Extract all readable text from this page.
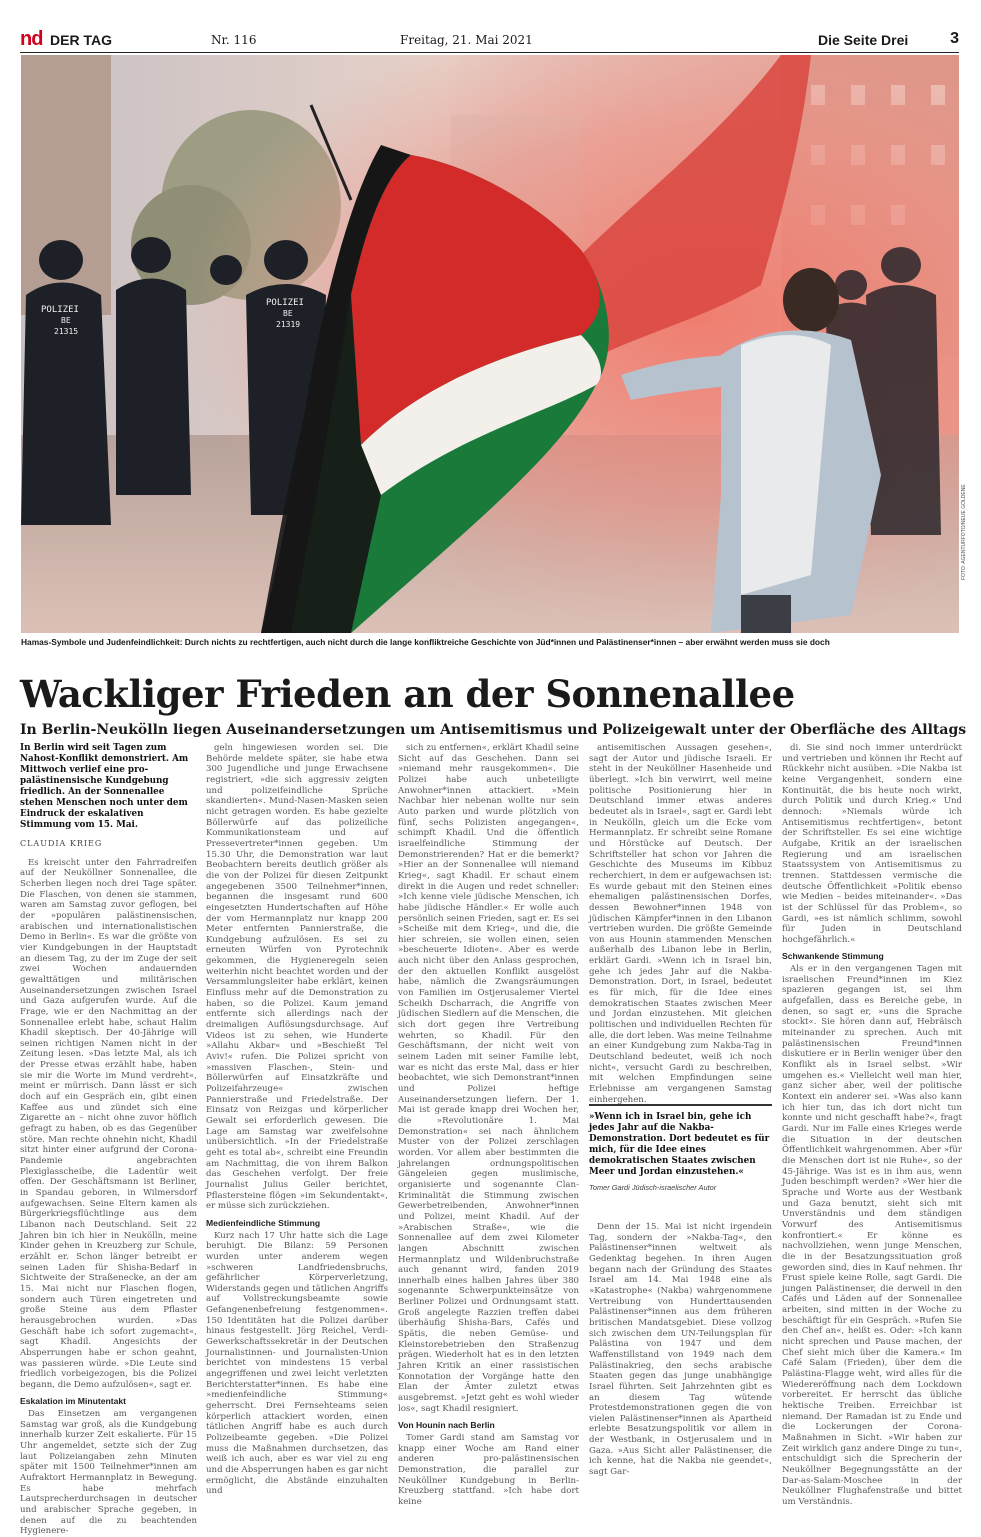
nd DER TAG	Nr. 116	Freitag, 21. Mai 2021	Die Seite Drei	3
POLIZEI
BE
21315
POLIZEI
BE
21319
FOTO: AGENTURFOTO/NEUE GOLDENE
Hamas-Symbole und Judenfeindlichkeit: Durch nichts zu rechtfertigen, auch nicht durch die lange konfliktreiche Geschichte von Jüd*innen und Palästinenser*innen – aber erwähnt werden muss sie doch
Wackliger Frieden an der Sonnenallee
In Berlin-Neukölln liegen Auseinandersetzungen um Antisemitismus und Polizeigewalt unter der Oberfläche des Alltags

In Berlin wird seit Tagen zum Nahost-Konflikt demonstriert. Am Mittwoch verlief eine pro-palästinensische Kundgebung friedlich. An der Sonnenallee stehen Menschen noch unter dem Eindruck der eskalativen Stimmung vom 15. Mai.

CLAUDIA KRIEG

Es kreischt unter den Fahrradreifen auf der Neuköllner Sonnenallee, die Scherben liegen noch drei Tage später. Die Flaschen, von denen sie stammen, waren am Samstag zuvor geflogen, bei der »populären palästinensischen, arabischen und internationalistischen Demo in Berlin«. Es war die größte von vier Kundgebungen in der Hauptstadt an diesem Tag, zu der im Zuge der seit zwei Wochen andauernden gewalttätigen und militärischen Auseinandersetzungen zwischen Israel und Gaza aufgerufen wurde. Auf die Frage, wie er den Nachmittag an der Sonnenallee erlebt habe, schaut Halim Khadil skeptisch. Der 40-Jährige will seinen richtigen Namen nicht in der Zeitung lesen. »Das letzte Mal, als ich der Presse etwas erzählt habe, haben sie mir die Worte im Mund verdreht«, meint er mürrisch. Dann lässt er sich doch auf ein Gespräch ein, gibt einen Kaffee aus und zündet sich eine Zigarette an – nicht ohne zuvor höflich gefragt zu haben, ob es das Gegenüber störe. Man rechte ohnehin nicht, Khadil sitzt hinter einer aufgrund der Corona-Pandemie angebrachten Plexiglasscheibe, die Ladentür weit offen. Der Geschäftsmann ist Berliner, in Spandau geboren, in Wilmersdorf aufgewachsen. Seine Eltern kamen als Bürgerkriegsflüchtlinge aus dem Libanon nach Deutschland. Seit 22 Jahren bin ich hier in Neukölln, meine Kinder gehen in Kreuzberg zur Schule, erzählt er. Schon länger betreibt er seinen Laden für Shisha-Bedarf in Sichtweite der Straßenecke, an der am 15. Mai nicht nur Flaschen flogen, sondern auch Türen eingetreten und große Steine aus dem Pflaster herausgebrochen wurden. »Das Geschäft habe ich sofort zugemacht«, sagt Khadil. Angesichts der Absperrungen habe er schon geahnt, was passieren würde. »Die Leute sind friedlich vorbeigezogen, bis die Polizei begann, die Demo aufzulösen«, sagt er.

Eskalation im Minutentakt

Das Einsetzen am vergangenen Samstag war groß, als die Kundgebung innerhalb kurzer Zeit eskalierte. Für 15 Uhr angemeldet, setzte sich der Zug laut Polizeiangaben zehn Minuten später mit 1500 Teilnehmer*innen am Aufraktort Hermannplatz in Bewegung. Es habe mehrfach Lautsprecherdurchsagen in deutscher und arabischer Sprache gegeben, in denen auf die zu beachtenden Hygienere-

geln hingewiesen worden sei. Die Behörde meldete später, sie habe etwa 300 Jugendliche und junge Erwachsene registriert, »die sich aggressiv zeigten und polizeifeindliche Sprüche skandierten«. Mund-Nasen-Masken seien nicht getragen worden. Es habe gezielte Böllerwürfe auf das polizeiliche Kommunikationsteam und auf Pressevertreter*innen gegeben. Um 15.30 Uhr, die Demonstration war laut Beobachtern bereits deutlich größer als die von der Polizei für diesen Zeitpunkt angegebenen 3500 Teilnehmer*innen, begannen die insgesamt rund 600 eingesetzten Hundertschaften auf Höhe der vom Hermannplatz nur knapp 200 Meter entfernten Pannierstraße, die Kundgebung aufzulösen. Es sei zu erneuten Würfen von Pyrotechnik gekommen, die Hygieneregeln seien weiterhin nicht beachtet worden und der Versammlungsleiter habe erklärt, keinen Einfluss mehr auf die Demonstration zu haben, so die Polizei. Kaum jemand entfernte sich allerdings nach der dreimaligen Auflösungsdurchsage. Auf Videos ist zu sehen, wie Hunderte »Allahu Akbar« und »Beschießt Tel Aviv!« rufen. Die Polizei spricht von »massiven Flaschen-, Stein- und Böllerwürfen auf Einsatzkräfte und Polizeifahrzeuge« zwischen Pannierstraße und Friedelstraße. Der Einsatz von Reizgas und körperlicher Gewalt sei erforderlich gewesen. Die Lage am Samstag war zweifelsohne unübersichtlich. »In der Friedelstraße geht es total ab«, schreibt eine Freundin am Nachmittag, die von ihrem Balkon das Geschehen verfolgt. Der freie Journalist Julius Geiler berichtet, Pflastersteine flögen »im Sekundentakt«, er müsse sich zurückziehen.

Medienfeindliche Stimmung

Kurz nach 17 Uhr hatte sich die Lage beruhigt. Die Bilanz: 59 Personen wurden unter anderem wegen »schweren Landfriedensbruchs, gefährlicher Körperverletzung, Widerstands gegen und tätlichen Angriffs auf Vollstreckungsbeamte sowie Gefangenenbefreiung festgenommen«. 150 Identitäten hat die Polizei darüber hinaus festgestellt. Jörg Reichel, Verdi-Gewerkschaftssekretär in der Deutschen Journalistinnen- und Journalisten-Union berichtet von mindestens 15 verbal angegriffenen und zwei leicht verletzten Berichterstatter*innen. Es habe eine »medienfeindliche Stimmung« geherrscht. Drei Fernsehteams seien körperlich attackiert worden, einen tätlichen Angriff habe es auch durch Polizeibeamte gegeben. »Die Polizei muss die Maßnahmen durchsetzen, das weiß ich auch, aber es war viel zu eng und die Absperrungen haben es gar nicht ermöglicht, die Abstände einzuhalten und

sich zu entfernen«, erklärt Khadil seine Sicht auf das Geschehen. Dann sei »niemand mehr rausgekommen«. Die Polizei habe auch unbeteiligte Anwohner*innen attackiert. »Mein Nachbar hier nebenan wollte nur sein Auto parken und wurde plötzlich von fünf, sechs Polizisten angegangen«, schimpft Khadil. Und die öffentlich israelfeindliche Stimmung der Demonstrierenden? Hat er die bemerkt? »Hier an der Sonnenallee will niemand Krieg«, sagt Khadil. Er schaut einem direkt in die Augen und redet schneller: »Ich kenne viele jüdische Menschen, ich habe jüdische Händler.« Er wolle auch persönlich seinen Frieden, sagt er. Es sei »Scheiße mit dem Krieg«, und die, die hier schreien, sie wollen einen, seien »bescheuerte Idioten«. Aber es werde auch nicht über den Anlass gesprochen, der den aktuellen Konflikt ausgelöst habe, nämlich die Zwangsräumungen von Familien im Ostjerusalemer Viertel Scheikh Dscharrach, die Angriffe von jüdischen Siedlern auf die Menschen, die sich dort gegen ihre Vertreibung wehrten, so Khadil. Für den Geschäftsmann, der nicht weit von seinem Laden mit seiner Familie lebt, war es nicht das erste Mal, dass er hier beobachtet, wie sich Demonstrant*innen und Polizei heftige Auseinandersetzungen liefern. Der 1. Mai ist gerade knapp drei Wochen her, die »Revolutionäre 1. Mai Demonstration« sei nach ähnlichem Muster von der Polizei zerschlagen worden. Vor allem aber bestimmten die jahrelangen ordnungspolitischen Gängeleien gegen muslimische, organisierte und sogenannte Clan-Kriminalität die Stimmung zwischen Gewerbetreibenden, Anwohner*innen und Polizei, meint Khadil. Auf der »Arabischen Straße«, wie die Sonnenallee auf dem zwei Kilometer langen Abschnitt zwischen Hermannplatz und Wildenbruchstraße auch genannt wird, fanden 2019 innerhalb eines halben Jahres über 380 sogenannte Schwerpunkteinsätze von Berliner Polizei und Ordnungsamt statt. Groß angelegte Razzien treffen dabei überhäufig Shisha-Bars, Cafés und Spätis, die neben Gemüse- und Kleinstorebetrieben den Straßenzug prägen. Wiederholt hat es in den letzten Jahren Kritik an einer rassistischen Konnotation der Vorgänge hatte den Elan der Ämter zuletzt etwas ausgebremst. »Jetzt geht es wohl wieder los«, sagt Khadil resigniert.

Von Hounin nach Berlin

Tomer Gardi stand am Samstag vor knapp einer Woche am Rand einer anderen pro-palästinensischen Demonstration, die parallel zur Neuköllner Kundgebung in Berlin-Kreuzberg stattfand. »Ich habe dort keine

antisemitischen Aussagen gesehen«, sagt der Autor und jüdische Israeli. Er steht in der Neuköllner Hasenheide und überlegt. »Ich bin verwirrt, weil meine politische Positionierung hier in Deutschland immer etwas anderes bedeutet als in Israel«, sagt er. Gardi lebt in Neukölln, gleich um die Ecke vom Hermannplatz. Er schreibt seine Romane und Hörstücke auf Deutsch. Der Schriftsteller hat schon vor Jahren die Geschichte des Museums im Kibbuz recherchiert, in dem er aufgewachsen ist: Es wurde gebaut mit den Steinen eines ehemaligen palästinensischen Dorfes, dessen Bewohner*innen 1948 von jüdischen Kämpfer*innen in den Libanon vertrieben wurden. Die größte Gemeinde von aus Hounin stammenden Menschen außerhalb des Libanon lebe in Berlin, erklärt Gardi. »Wenn ich in Israel bin, gehe ich jedes Jahr auf die Nakba-Demonstration. Dort, in Israel, bedeutet es für mich, für die Idee eines demokratischen Staates zwischen Meer und Jordan einzustehen. Mit gleichen politischen und individuellen Rechten für alle, die dort leben. Was meine Teilnahme an einer Kundgebung zum Nakba-Tag in Deutschland bedeutet, weiß ich noch nicht«, versucht Gardi zu beschreiben, mit welchen Empfindungen seine Erlebnisse am vergangenen Samstag einhergehen.

»Wenn ich in Israel bin, gehe ich jedes Jahr auf die Nakba-Demonstration. Dort bedeutet es für mich, für die Idee eines demokratischen Staates zwischen Meer und Jordan einzustehen.«
Tomer Gardi Jüdisch-israelischer Autor

Denn der 15. Mai ist nicht irgendein Tag, sondern der »Nakba-Tag«, den Palästinenser*innen weltweit als Gedenktag begehen. In ihren Augen begann nach der Gründung des Staates Israel am 14. Mai 1948 eine als »Katastrophe« (Nakba) wahrgenommene Vertreibung von Hunderttausenden Palästinenser*innen aus dem früheren britischen Mandatsgebiet. Diese vollzog sich zwischen dem UN-Teilungsplan für Palästina von 1947 und dem Waffenstillstand von 1949 nach dem Palästinakrieg, den sechs arabische Staaten gegen das junge unabhängige Israel führten. Seit Jahrzehnten gibt es an diesem Tag wütende Protestdemonstrationen gegen die von vielen Palästinenser*innen als Apartheid erlebte Besatzungspolitik vor allem in der Westbank, in Ostjerusalem und in Gaza. »Aus Sicht aller Palästinenser, die ich kenne, hat die Nakba nie geendet«, sagt Gar-

di. Sie sind noch immer unterdrückt und vertrieben und können ihr Recht auf Rückkehr nicht ausüben. »Die Nakba ist keine Vergangenheit, sondern eine Kontinuität, die bis heute noch wirkt, durch Politik und durch Krieg.« Und dennoch: »Niemals würde ich Antisemitismus rechtfertigen«, betont der Schriftsteller. Es sei eine wichtige Aufgabe, Kritik an der israelischen Regierung und am israelischen Staatssystem von Antisemitismus zu trennen. Stattdessen vermische die deutsche Öffentlichkeit »Politik ebenso wie Medien – beides miteinander«. »Das ist der Schlüssel für das Problem«, so Gardi, »es ist nämlich schlimm, sowohl für Juden in Deutschland hochgefährlich.«

Schwankende Stimmung

Als er in den vergangenen Tagen mit israelischen Freund*innen im Kiez spazieren gegangen ist, sei ihm aufgefallen, dass es Bereiche gebe, in denen, so sagt er, »uns die Sprache stockt«. Sie hören dann auf, Hebräisch miteinander zu sprechen. Auch mit palästinensischen Freund*innen diskutiere er in Berlin weniger über den Konflikt als in Israel selbst. »Wir umgehen es.« Vielleicht weil man hier, ganz sicher aber, weil der politische Kontext ein anderer sei. »Was also kann ich hier tun, das ich dort nicht tun konnte und nicht geschafft habe?«, fragt Gardi. Nur im Falle eines Krieges werde die Situation in der deutschen Öffentlichkeit wahrgenommen. Aber »für die Menschen dort ist nie Ruhe«, so der 45-Jährige. Was ist es in ihm aus, wenn Juden beschimpft werden? »Wer hier die Sprache und Worte aus der Westbank und Gaza benutzt, sieht sich mit Unverständnis und dem ständigen Vorwurf des Antisemitismus konfrontiert.« Er könne es nachvollziehen, wenn junge Menschen, die in der Besatzungssituation groß geworden sind, dies in Kauf nehmen. Ihr Frust spiele keine Rolle, sagt Gardi. Die jungen Palästinenser, die derweil in den Cafés und Läden auf der Sonnenallee arbeiten, sind mitten in der Woche zu beschäftigt für ein Gespräch. »Rufen Sie den Chef an«, heißt es. Oder: »Ich kann nicht sprechen und Pause machen, der Chef sieht mich über die Kamera.« Im Café Salam (Frieden), über dem die Palästina-Flagge weht, wird alles für die Wiedereröffnung nach dem Lockdown vorbereitet. Er herrscht das übliche hektische Treiben. Erreichbar ist niemand. Der Ramadan ist zu Ende und die Lockerungen der Corona-Maßnahmen in Sicht. »Wir haben zur Zeit wirklich ganz andere Dinge zu tun«, entschuldigt sich die Sprecherin der Neuköllner Begegnungsstätte an der Dar-as-Salam-Moschee in der Neuköllner Flughafenstraße und bittet um Verständnis.
